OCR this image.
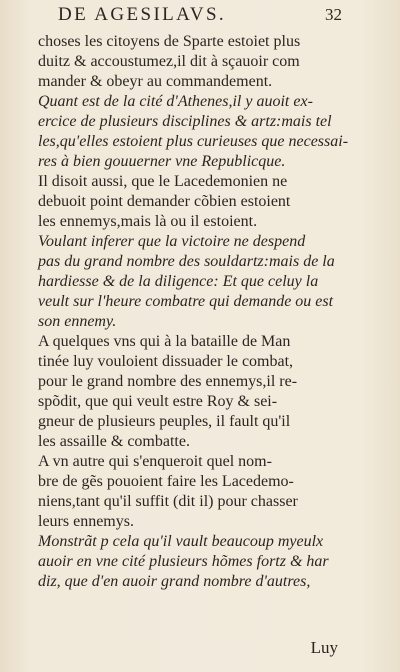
DE AGESILAVS.	32
choses les citoyens de Sparte estoiet plus
duitz & accoustumez,il dit à sçauoir com
mander & obeyr au commandement.
Quant est de la cité d'Athenes,il y auoit ex-
ercice de plusieurs disciplines & artz:mais tel
les,qu'elles estoient plus curieuses que necessai-
res à bien gouuerner vne Republicque.
Il disoit aussi, que le Lacedemonien ne
debuoit point demander cõbien estoient
les ennemys,mais là ou il estoient.
Voulant inferer que la victoire ne despend
pas du grand nombre des souldartz:mais de la
hardiesse & de la diligence: Et que celuy la
veult sur l'heure combatre qui demande ou est
son ennemy.
A quelques vns qui à la bataille de Man
tinée luy vouloient dissuader le combat,
pour le grand nombre des ennemys,il re-
spõdit, que qui veult estre Roy & sei-
gneur de plusieurs peuples, il fault qu'il
les assaille & combatte.
A vn autre qui s'enqueroit quel nom-
bre de gẽs pouoient faire les Lacedemo-
niens,tant qu'il suffit (dit il) pour chasser
leurs ennemys.
Monstrãt p cela qu'il vault beaucoup myeulx
auoir en vne cité plusieurs hõmes fortz & har
diz, que d'en auoir grand nombre d'autres,
Luy
